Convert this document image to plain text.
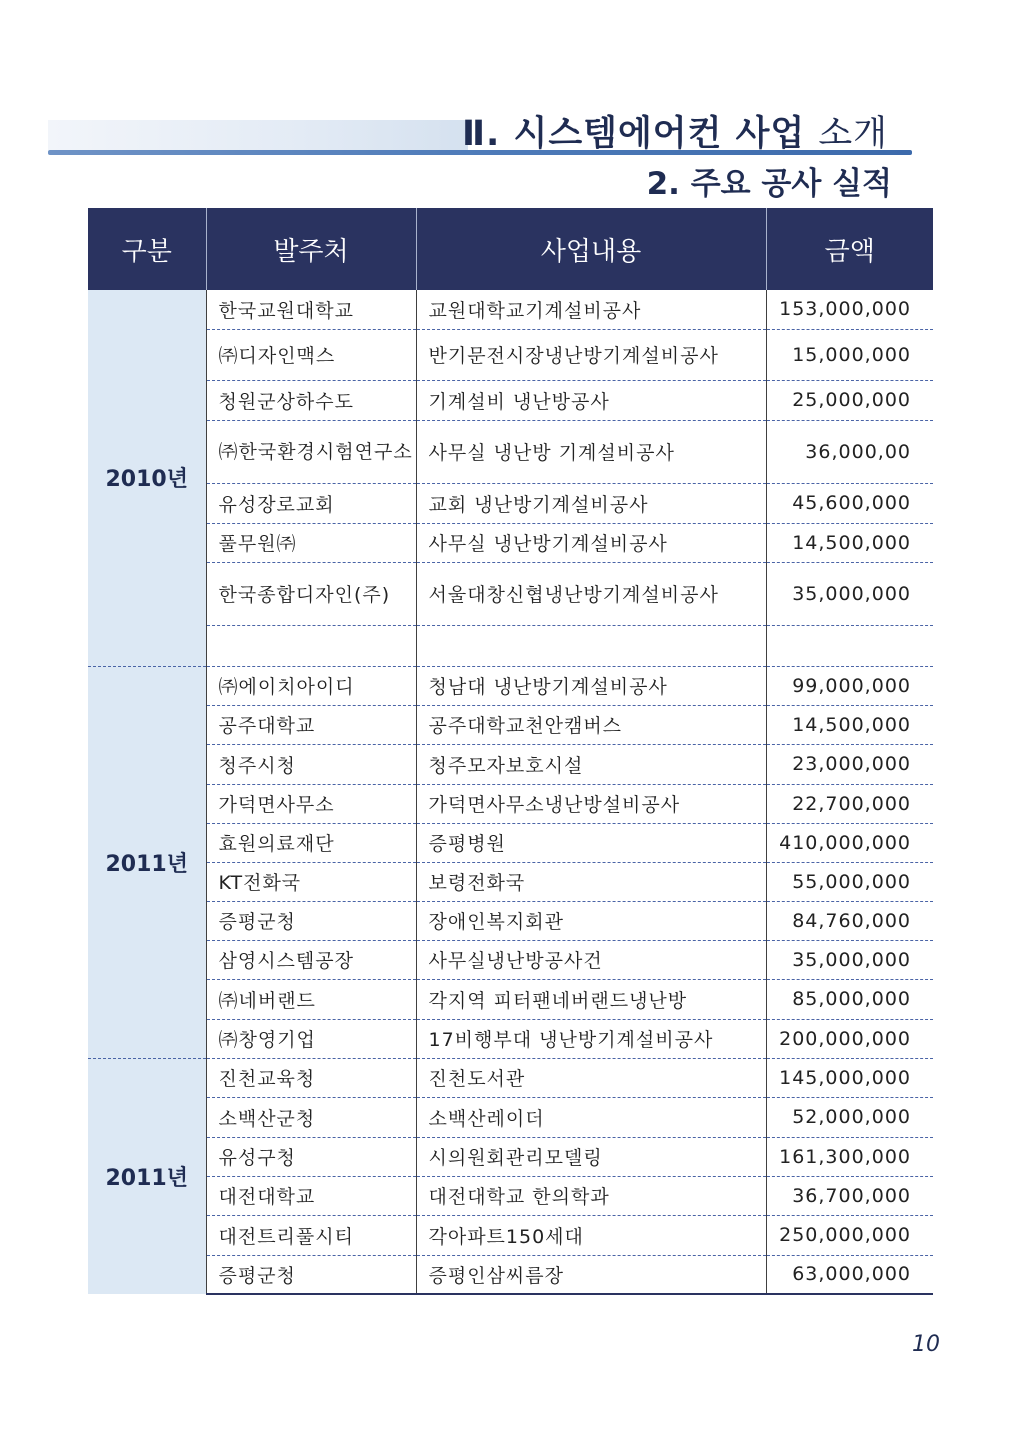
Ⅱ. 시스템에어컨 사업 소개
2. 주요 공사 실적
구분	발주처	사업내용	금액
2010년	한국교원대학교	교원대학교기계설비공사	153,000,000
	㈜디자인맥스	반기문전시장냉난방기계설비공사	15,000,000
	청원군상하수도	기계설비 냉난방공사	25,000,000
	㈜한국환경시험연구소	사무실 냉난방 기계설비공사	36,000,00
	유성장로교회	교회 냉난방기계설비공사	45,600,000
	풀무원㈜	사무실 냉난방기계설비공사	14,500,000
	한국종합디자인(주)	서울대창신협냉난방기계설비공사	35,000,000

2011년	㈜에이치아이디	청남대 냉난방기계설비공사	99,000,000
	공주대학교	공주대학교천안캠버스	14,500,000
	청주시청	청주모자보호시설	23,000,000
	가덕면사무소	가덕면사무소냉난방설비공사	22,700,000
	효원의료재단	증평병원	410,000,000
	KT전화국	보령전화국	55,000,000
	증평군청	장애인복지회관	84,760,000
	삼영시스템공장	사무실냉난방공사건	35,000,000
	㈜네버랜드	각지역 피터팬네버랜드냉난방	85,000,000
	㈜창영기업	17비행부대 냉난방기계설비공사	200,000,000
2011년	진천교육청	진천도서관	145,000,000
	소백산군청	소백산레이더	52,000,000
	유성구청	시의원회관리모델링	161,300,000
	대전대학교	대전대학교 한의학과	36,700,000
	대전트리풀시티	각아파트150세대	250,000,000
	증평군청	증평인삼씨름장	63,000,000
10
